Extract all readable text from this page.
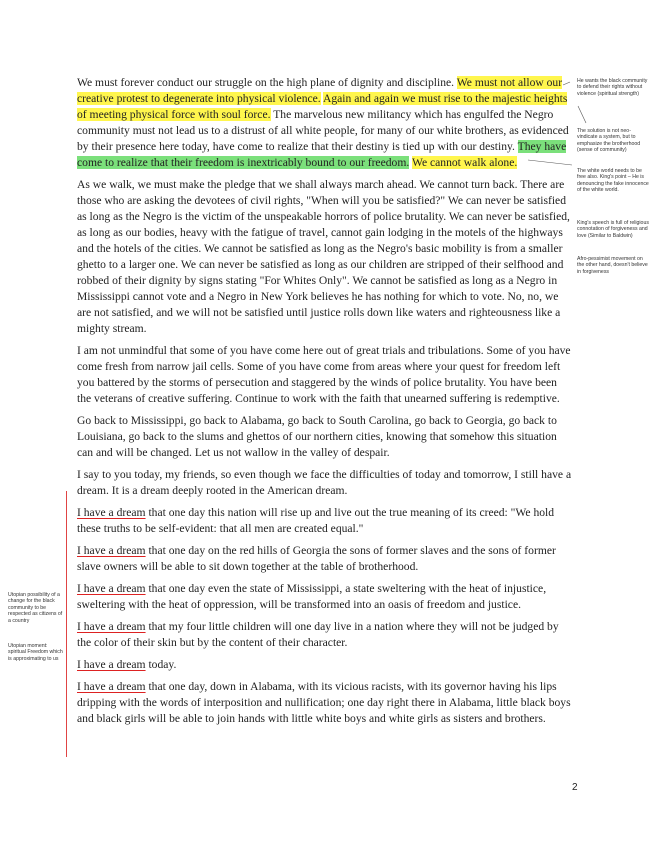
We must forever conduct our struggle on the high plane of dignity and discipline. We must not allow our creative protest to degenerate into physical violence. Again and again we must rise to the majestic heights of meeting physical force with soul force. The marvelous new militancy which has engulfed the Negro community must not lead us to a distrust of all white people, for many of our white brothers, as evidenced by their presence here today, have come to realize that their destiny is tied up with our destiny. They have come to realize that their freedom is inextricably bound to our freedom. We cannot walk alone.

As we walk, we must make the pledge that we shall always march ahead. We cannot turn back. There are those who are asking the devotees of civil rights, "When will you be satisfied?" We can never be satisfied as long as the Negro is the victim of the unspeakable horrors of police brutality. We can never be satisfied, as long as our bodies, heavy with the fatigue of travel, cannot gain lodging in the motels of the highways and the hotels of the cities. We cannot be satisfied as long as the Negro's basic mobility is from a smaller ghetto to a larger one. We can never be satisfied as long as our children are stripped of their selfhood and robbed of their dignity by signs stating "For Whites Only". We cannot be satisfied as long as a Negro in Mississippi cannot vote and a Negro in New York believes he has nothing for which to vote. No, no, we are not satisfied, and we will not be satisfied until justice rolls down like waters and righteousness like a mighty stream.

I am not unmindful that some of you have come here out of great trials and tribulations. Some of you have come fresh from narrow jail cells. Some of you have come from areas where your quest for freedom left you battered by the storms of persecution and staggered by the winds of police brutality. You have been the veterans of creative suffering. Continue to work with the faith that unearned suffering is redemptive.

Go back to Mississippi, go back to Alabama, go back to South Carolina, go back to Georgia, go back to Louisiana, go back to the slums and ghettos of our northern cities, knowing that somehow this situation can and will be changed. Let us not wallow in the valley of despair.

I say to you today, my friends, so even though we face the difficulties of today and tomorrow, I still have a dream. It is a dream deeply rooted in the American dream.

I have a dream that one day this nation will rise up and live out the true meaning of its creed: "We hold these truths to be self-evident: that all men are created equal."

I have a dream that one day on the red hills of Georgia the sons of former slaves and the sons of former slave owners will be able to sit down together at the table of brotherhood.

I have a dream that one day even the state of Mississippi, a state sweltering with the heat of injustice, sweltering with the heat of oppression, will be transformed into an oasis of freedom and justice.

I have a dream that my four little children will one day live in a nation where they will not be judged by the color of their skin but by the content of their character.

I have a dream today.

I have a dream that one day, down in Alabama, with its vicious racists, with its governor having his lips dripping with the words of interposition and nullification; one day right there in Alabama, little black boys and black girls will be able to join hands with little white boys and white girls as sisters and brothers.

He wants the black community to defend their rights without violence (spiritual strength)
The solution is not neo-vindicate a system, but to emphasize the brotherhood (sense of community)
The white world needs to be free also. King's point – He is denouncing the fake innocence of the white world.
King's speech is full of religious connotation of forgiveness and love (Similar to Baldwin)
Afro-pessimist movement on the other hand, doesn't believe in forgiveness
Utopian possibility of a change for the black community to be respected as citizens of a country
Utopian moment: spiritual Freedom which is approximating to us
2
